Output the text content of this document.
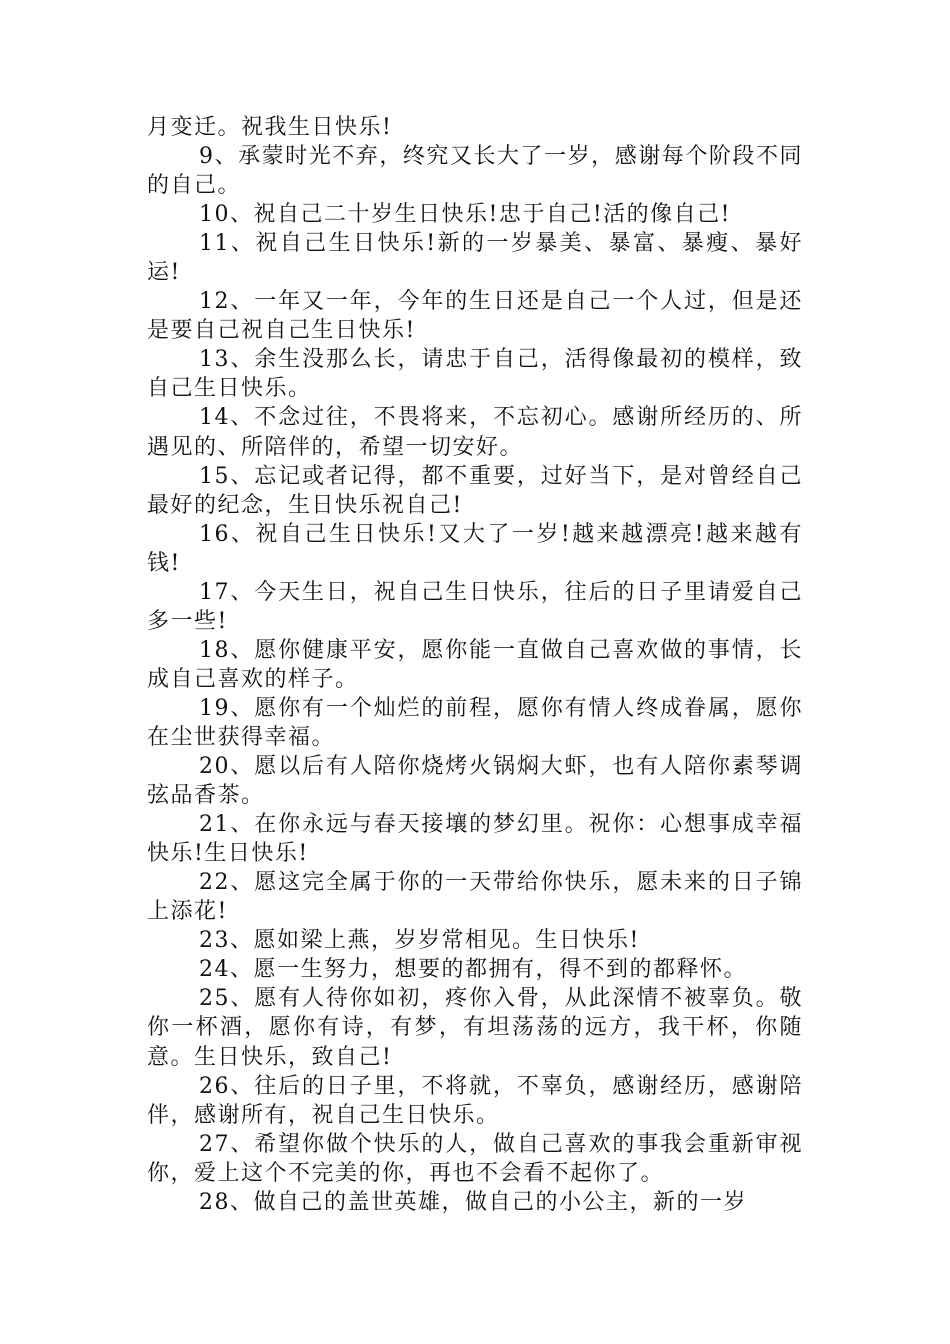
月变迁。祝我生日快乐!

9、承蒙时光不弃，终究又长大了一岁，感谢每个阶段不同的自己。

10、祝自己二十岁生日快乐!忠于自己!活的像自己!

11、祝自己生日快乐!新的一岁暴美、暴富、暴瘦、暴好运!

12、一年又一年，今年的生日还是自己一个人过，但是还是要自己祝自己生日快乐!

13、余生没那么长，请忠于自己，活得像最初的模样，致自己生日快乐。

14、不念过往，不畏将来，不忘初心。感谢所经历的、所遇见的、所陪伴的，希望一切安好。

15、忘记或者记得，都不重要，过好当下，是对曾经自己最好的纪念，生日快乐祝自己!

16、祝自己生日快乐!又大了一岁!越来越漂亮!越来越有钱!

17、今天生日，祝自己生日快乐，往后的日子里请爱自己多一些!

18、愿你健康平安，愿你能一直做自己喜欢做的事情，长成自己喜欢的样子。

19、愿你有一个灿烂的前程，愿你有情人终成眷属，愿你在尘世获得幸福。

20、愿以后有人陪你烧烤火锅焖大虾，也有人陪你素琴调弦品香茶。

21、在你永远与春天接壤的梦幻里。祝你：心想事成幸福快乐!生日快乐!

22、愿这完全属于你的一天带给你快乐，愿未来的日子锦上添花!

23、愿如梁上燕，岁岁常相见。生日快乐!

24、愿一生努力，想要的都拥有，得不到的都释怀。

25、愿有人待你如初，疼你入骨，从此深情不被辜负。敬你一杯酒，愿你有诗，有梦，有坦荡荡的远方，我干杯，你随意。生日快乐，致自己!

26、往后的日子里，不将就，不辜负，感谢经历，感谢陪伴，感谢所有，祝自己生日快乐。

27、希望你做个快乐的人，做自己喜欢的事我会重新审视你，爱上这个不完美的你，再也不会看不起你了。

28、做自己的盖世英雄，做自己的小公主，新的一岁
